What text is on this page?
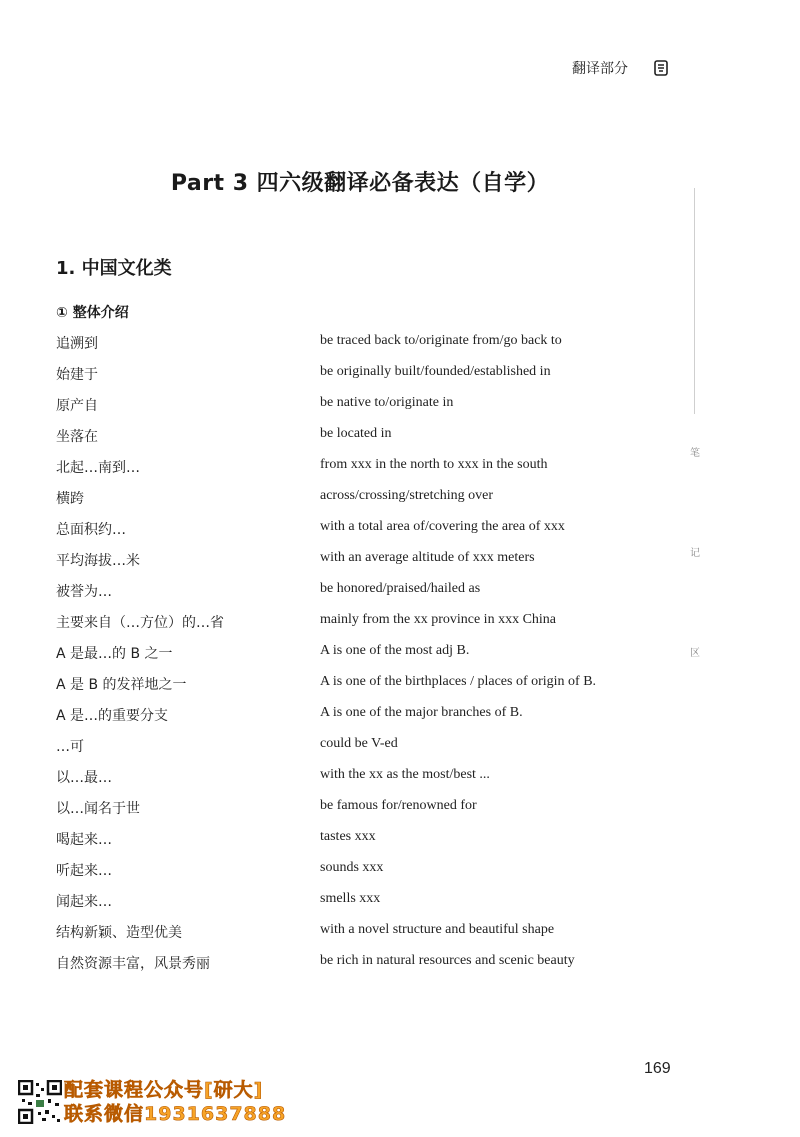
翻译部分
Part 3 四六级翻译必备表达（自学）
1. 中国文化类
① 整体介绍
追溯到	be traced back to/originate from/go back to
始建于	be originally built/founded/established in
原产自	be native to/originate in
坐落在	be located in
北起…南到…	from xxx in the north to xxx in the south
横跨	across/crossing/stretching over
总面积约…	with a total area of/covering the area of xxx
平均海拔…米	with an average altitude of xxx meters
被誉为…	be honored/praised/hailed as
主要来自（…方位）的…省	mainly from the xx province in xxx China
A 是最…的 B 之一	A is one of the most adj B.
A 是 B 的发祥地之一	A is one of the birthplaces / places of origin of B.
A 是…的重要分支	A is one of the major branches of B.
…可	could be V-ed
以…最…	with the xx as the most/best ...
以…闻名于世	be famous for/renowned for
喝起来…	tastes xxx
听起来…	sounds xxx
闻起来…	smells xxx
结构新颖、造型优美	with a novel structure and beautiful shape
自然资源丰富，风景秀丽	be rich in natural resources and scenic beauty
笔
记
区
169
配套课程公众号[研大]
联系微信1931637888
